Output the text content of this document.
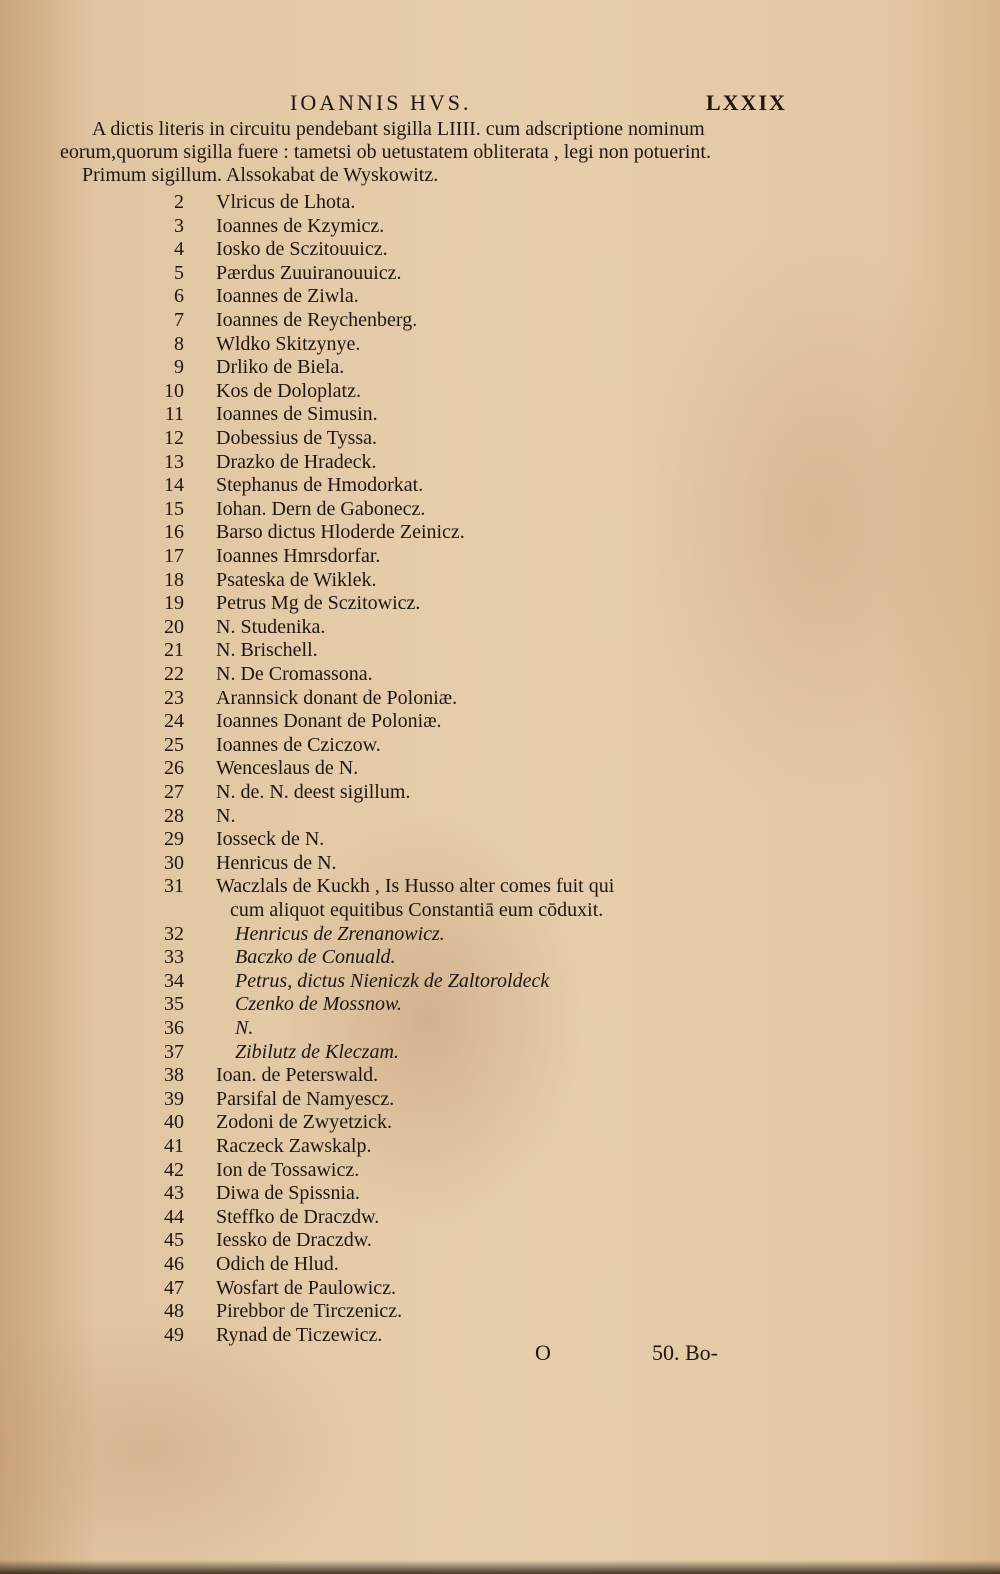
IOANNIS HVS.	LXXIX
A dictis literis in circuitu pendebant sigilla LIIII. cum adscriptione nominum
eorum,quorum sigilla fuere : tametsi ob uetustatem obliterata , legi non potuerint.
Primum sigillum. Alssokabat de Wyskowitz.
2 Vlricus de Lhota.
3 Ioannes de Kzymicz.
4 Iosko de Sczitouuicz.
5 Pærdus Zuuiranouuicz.
6 Ioannes de Ziwla.
7 Ioannes de Reychenberg.
8 Wldko Skitzynye.
9 Drliko de Biela.
10 Kos de Doloplatz.
11 Ioannes de Simusin.
12 Dobessius de Tyssa.
13 Drazko de Hradeck.
14 Stephanus de Hmodorkat.
15 Iohan. Dern de Gabonecz.
16 Barso dictus Hloderde Zeinicz.
17 Ioannes Hmrsdorfar.
18 Psateska de Wiklek.
19 Petrus Mg de Sczitowicz.
20 N. Studenika.
21 N. Brischell.
22 N. De Cromassona.
23 Arannsick donant de Poloniæ.
24 Ioannes Donant de Poloniæ.
25 Ioannes de Cziczow.
26 Wenceslaus de N.
27 N. de. N. deest sigillum.
28 N.
29 Iosseck de N.
30 Henricus de N.
31 Waczlals de Kuckh , Is Husso alter comes fuit qui
cum aliquot equitibus Constantiā eum cōduxit.
32	Henricus de Zrenanowicz.
33	Baczko de Conuald.
34	Petrus, dictus Nieniczk de Zaltoroldeck
35	Czenko de Mossnow.
36	N.
37	Zibilutz de Kleczam.
38 Ioan. de Peterswald.
39 Parsifal de Namyescz.
40 Zodoni de Zwyetzick.
41 Raczeck Zawskalp.
42 Ion de Tossawicz.
43 Diwa de Spissnia.
44 Steffko de Draczdw.
45 Iessko de Draczdw.
46 Odich de Hlud.
47 Wosfart de Paulowicz.
48 Pirebbor de Tirczenicz.
49 Rynad de Ticzewicz.
O	50. Bo-
